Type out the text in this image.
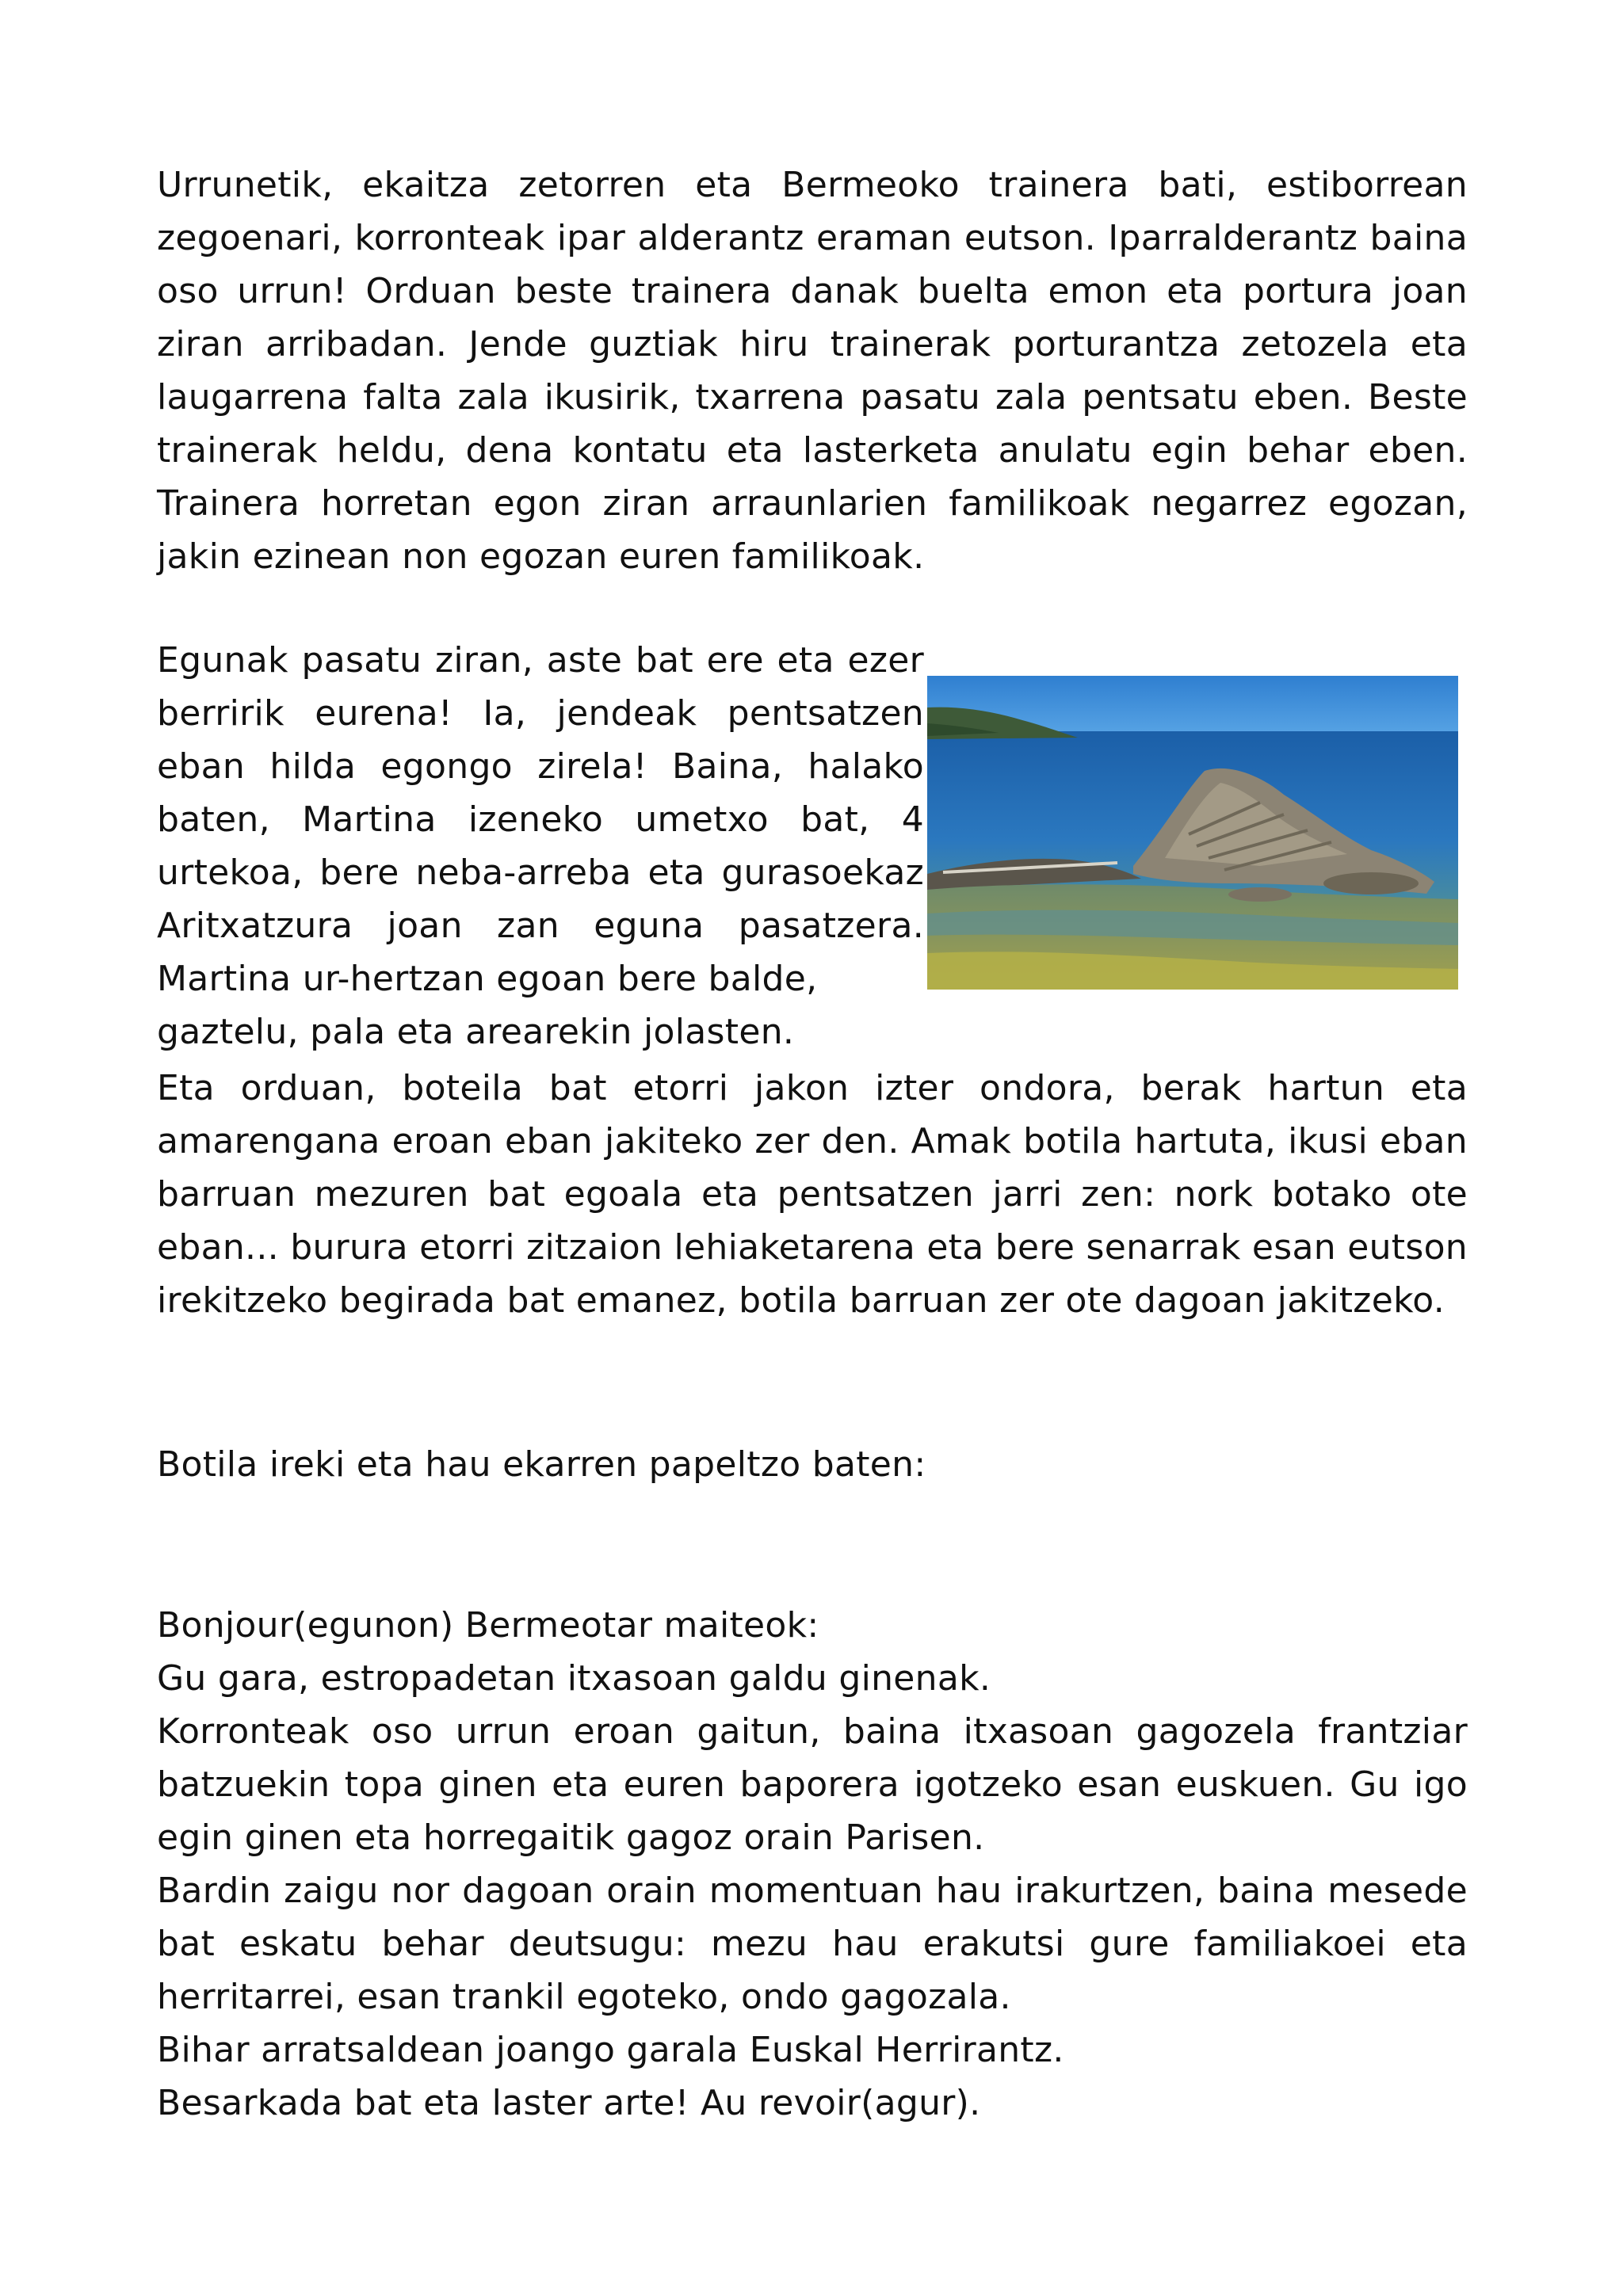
Urrunetik, ekaitza zetorren eta Bermeoko trainera bati, estiborrean zegoenari, korronteak ipar alderantz eraman eutson. Iparralderantz baina oso urrun! Orduan beste trainera danak buelta emon eta portura joan ziran arribadan. Jende guztiak hiru trainerak porturantza zetozela eta laugarrena falta zala ikusirik, txarrena pasatu zala pentsatu eben. Beste trainerak heldu, dena kontatu eta lasterketa anulatu egin behar eben. Trainera horretan egon ziran arraunlarien familikoak negarrez egozan, jakin ezinean non egozan euren familikoak.
Egunak pasatu ziran, aste bat ere eta ezer berririk eurena! Ia, jendeak pentsatzen eban hilda egongo zirela! Baina, halako baten, Martina izeneko umetxo bat, 4 urtekoa, bere neba-arreba eta gurasoekaz Aritxatzura joan zan eguna pasatzera. Martina ur-hertzan egoan bere balde,
gaztelu, pala eta arearekin jolasten.
Eta orduan, boteila bat etorri jakon izter ondora, berak hartun eta amarengana eroan eban jakiteko zer den. Amak botila hartuta, ikusi eban barruan mezuren bat egoala eta pentsatzen jarri zen: nork botako ote eban... burura etorri zitzaion lehiaketarena eta bere senarrak esan eutson irekitzeko begirada bat emanez, botila barruan zer ote dagoan jakitzeko.
Botila ireki eta hau ekarren papeltzo baten:
Bonjour(egunon) Bermeotar maiteok:
Gu gara, estropadetan itxasoan galdu ginenak.
Korronteak oso urrun eroan gaitun, baina itxasoan gagozela frantziar batzuekin topa ginen eta euren baporera igotzeko esan euskuen. Gu igo egin ginen eta horregaitik gagoz orain Parisen.
Bardin zaigu nor dagoan orain momentuan hau irakurtzen, baina mesede bat eskatu behar deutsugu: mezu hau erakutsi gure familiakoei eta herritarrei, esan trankil egoteko, ondo gagozala.
Bihar arratsaldean joango garala Euskal Herrirantz.
Besarkada bat eta laster arte! Au revoir(agur).
